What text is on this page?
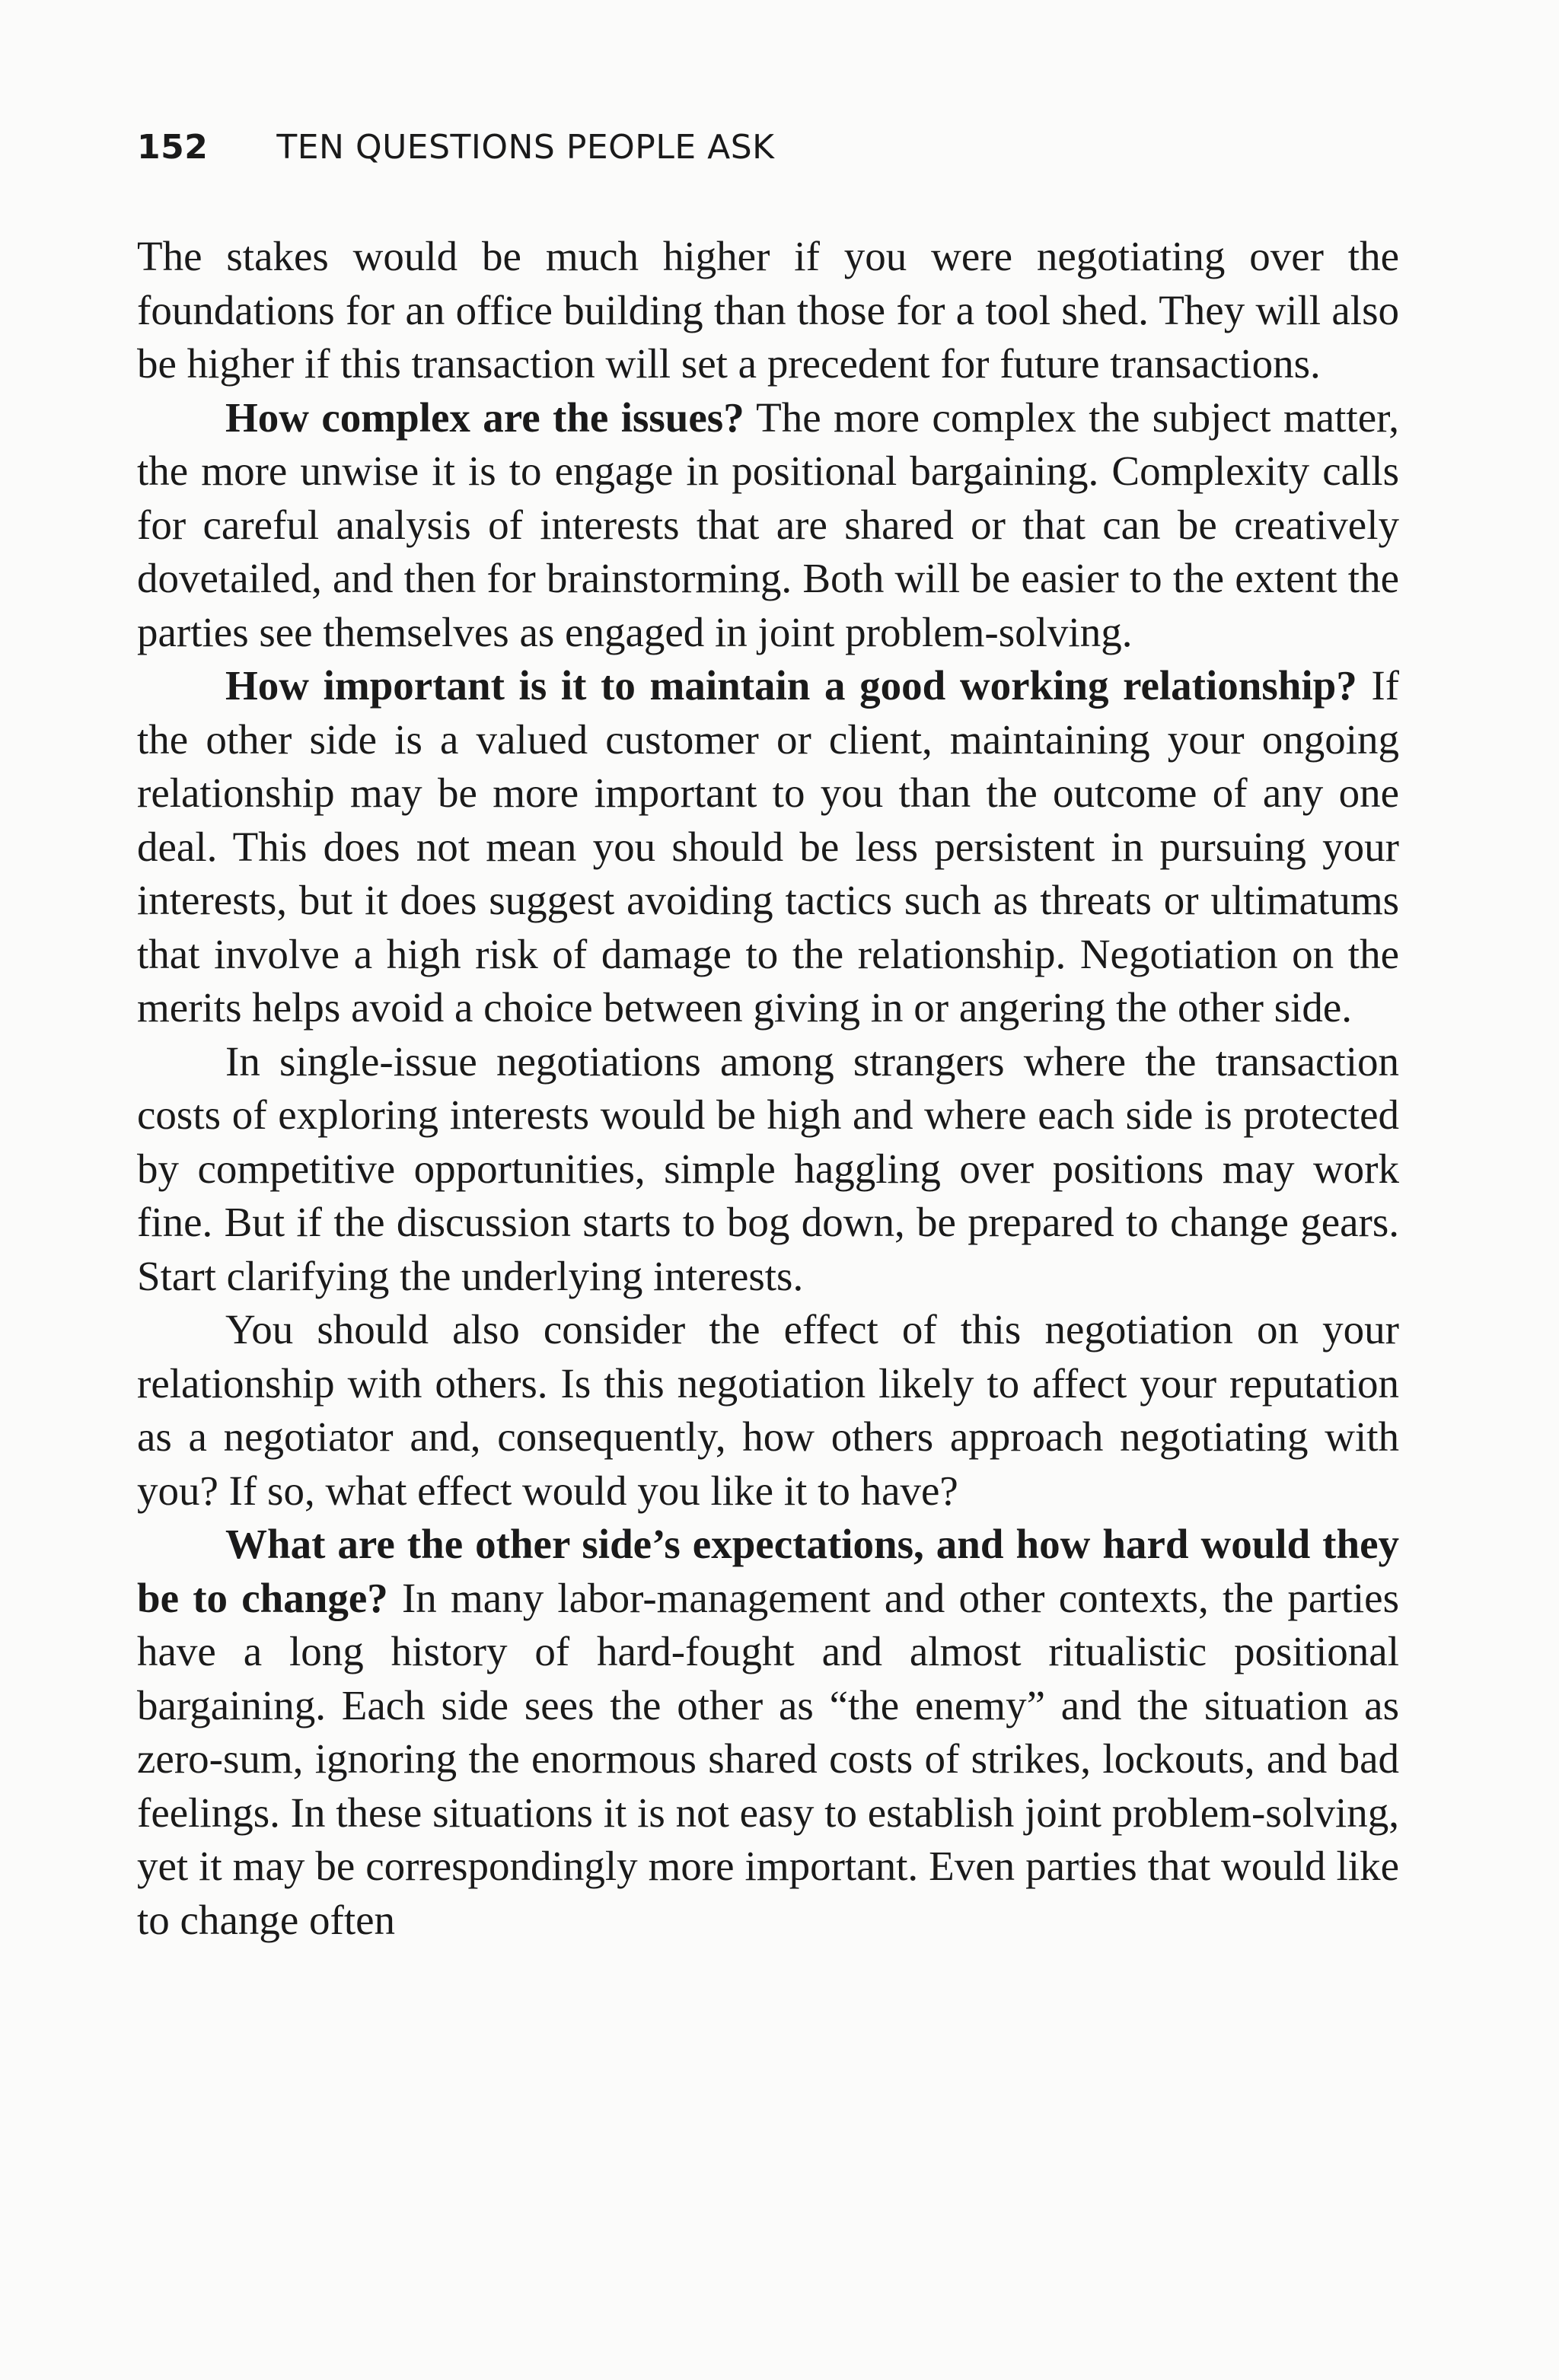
152 TEN QUESTIONS PEOPLE ASK

The stakes would be much higher if you were negotiating over the foundations for an office building than those for a tool shed. They will also be higher if this transaction will set a precedent for future transactions.

How complex are the issues? The more complex the subject matter, the more unwise it is to engage in positional bargaining. Complexity calls for careful analysis of interests that are shared or that can be creatively dovetailed, and then for brainstorming. Both will be easier to the extent the parties see themselves as engaged in joint problem-solving.

How important is it to maintain a good working relationship? If the other side is a valued customer or client, maintaining your ongoing relationship may be more important to you than the outcome of any one deal. This does not mean you should be less persistent in pursuing your interests, but it does suggest avoiding tactics such as threats or ultimatums that involve a high risk of damage to the relationship. Negotiation on the merits helps avoid a choice between giving in or angering the other side.

In single-issue negotiations among strangers where the transaction costs of exploring interests would be high and where each side is protected by competitive opportunities, simple haggling over positions may work fine. But if the discussion starts to bog down, be prepared to change gears. Start clarifying the underlying interests.

You should also consider the effect of this negotiation on your relationship with others. Is this negotiation likely to affect your reputation as a negotiator and, consequently, how others approach negotiating with you? If so, what effect would you like it to have?

What are the other side’s expectations, and how hard would they be to change? In many labor-management and other contexts, the parties have a long history of hard-fought and almost ritualistic positional bargaining. Each side sees the other as “the enemy” and the situation as zero-sum, ignoring the enormous shared costs of strikes, lockouts, and bad feelings. In these situations it is not easy to establish joint problem-solving, yet it may be correspondingly more important. Even parties that would like to change often
